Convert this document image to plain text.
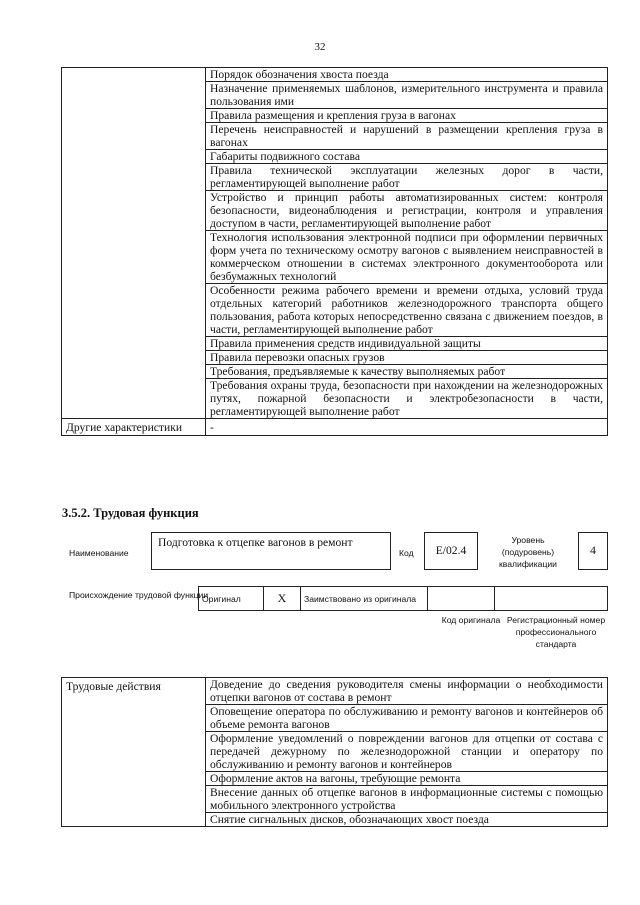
32
	Порядок обозначения хвоста поезда
	Назначение применяемых шаблонов, измерительного инструмента и правила пользования ими
	Правила размещения и крепления груза в вагонах
	Перечень неисправностей и нарушений в размещении крепления груза в вагонах
	Габариты подвижного состава
	Правила технической эксплуатации железных дорог в части, регламентирующей выполнение работ
	Устройство и принцип работы автоматизированных систем: контроля безопасности, видеонаблюдения и регистрации, контроля и управления доступом в части, регламентирующей выполнение работ
	Технология использования электронной подписи при оформлении первичных форм учета по техническому осмотру вагонов с выявлением неисправностей в коммерческом отношении в системах электронного документооборота или безбумажных технологий
	Особенности режима рабочего времени и времени отдыха, условий труда отдельных категорий работников железнодорожного транспорта общего пользования, работа которых непосредственно связана с движением поездов, в части, регламентирующей выполнение работ
	Правила применения средств индивидуальной защиты
	Правила перевозки опасных грузов
	Требования, предъявляемые к качеству выполняемых работ
	Требования охраны труда, безопасности при нахождении на железнодорожных путях, пожарной безопасности и электробезопасности в части, регламентирующей выполнение работ
Другие характеристики	-
3.5.2. Трудовая функция
Наименование
Подготовка к отцепке вагонов в ремонт
Код	E/02.4
Уровень (подуровень) квалификации
4
Происхождение трудовой функции
Оригинал	X	Заимствовано из оригинала		
Код оригинала Регистрационный номер профессионального стандарта
Трудовые действия	Доведение до сведения руководителя смены информации о необходимости отцепки вагонов от состава в ремонт
Оповещение оператора по обслуживанию и ремонту вагонов и контейнеров об объеме ремонта вагонов
Оформление уведомлений о повреждении вагонов для отцепки от состава с передачей дежурному по железнодорожной станции и оператору по обслуживанию и ремонту вагонов и контейнеров
Оформление актов на вагоны, требующие ремонта
Внесение данных об отцепке вагонов в информационные системы с помощью мобильного электронного устройства
Снятие сигнальных дисков, обозначающих хвост поезда
